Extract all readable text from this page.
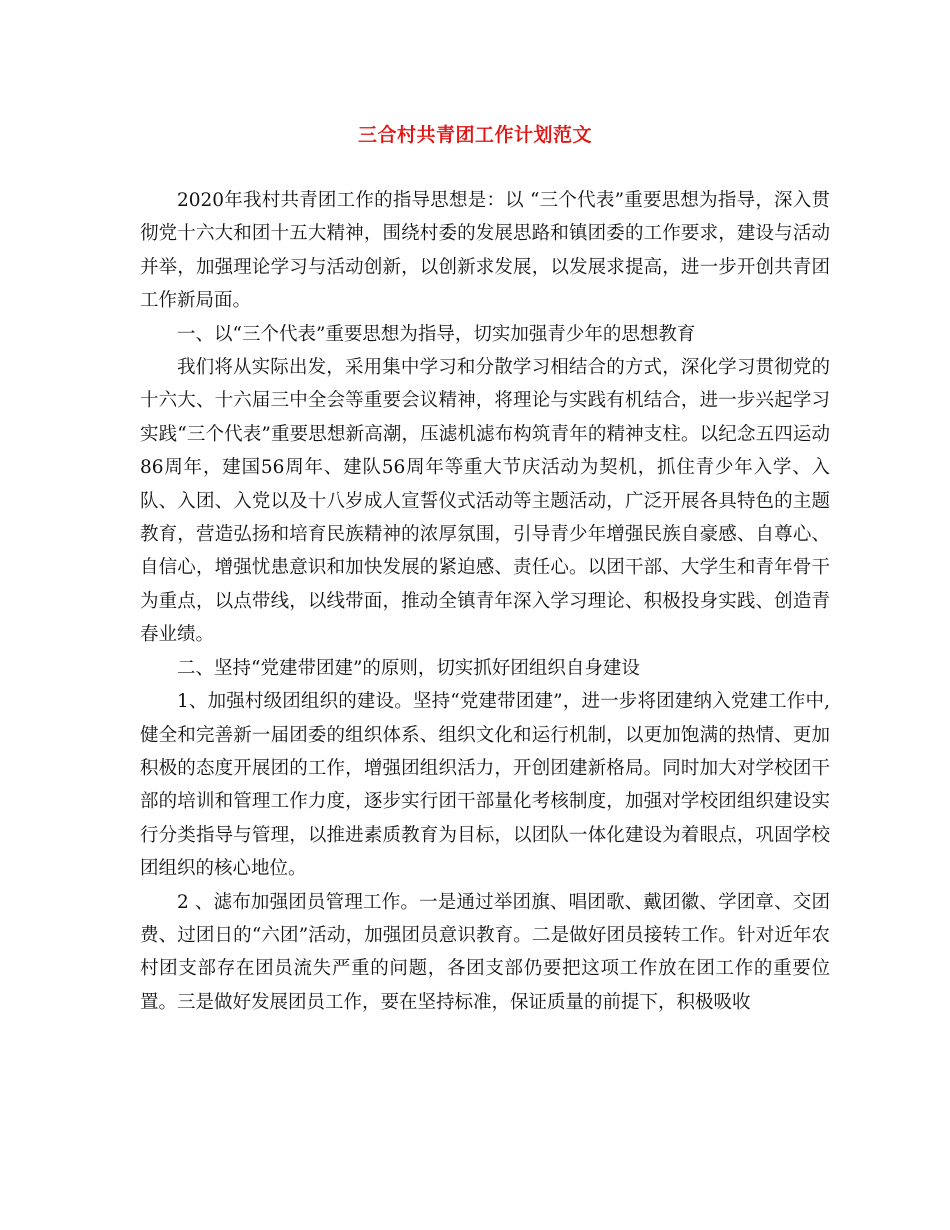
三合村共青团工作计划范文

2020年我村共青团工作的指导思想是：以 “三个代表”重要思想为指导，深入贯彻党十六大和团十五大精神，围绕村委的发展思路和镇团委的工作要求，建设与活动并举，加强理论学习与活动创新，以创新求发展，以发展求提高，进一步开创共青团工作新局面。

一、以“三个代表”重要思想为指导，切实加强青少年的思想教育

我们将从实际出发，采用集中学习和分散学习相结合的方式，深化学习贯彻党的十六大、十六届三中全会等重要会议精神，将理论与实践有机结合，进一步兴起学习实践“三个代表”重要思想新高潮，压滤机滤布构筑青年的精神支柱。以纪念五四运动86周年，建国56周年、建队56周年等重大节庆活动为契机，抓住青少年入学、入队、入团、入党以及十八岁成人宣誓仪式活动等主题活动，广泛开展各具特色的主题教育，营造弘扬和培育民族精神的浓厚氛围，引导青少年增强民族自豪感、自尊心、自信心，增强忧患意识和加快发展的紧迫感、责任心。以团干部、大学生和青年骨干为重点，以点带线，以线带面，推动全镇青年深入学习理论、积极投身实践、创造青春业绩。

二、坚持“党建带团建”的原则，切实抓好团组织自身建设

1、加强村级团组织的建设。坚持“党建带团建”，进一步将团建纳入党建工作中,健全和完善新一届团委的组织体系、组织文化和运行机制，以更加饱满的热情、更加积极的态度开展团的工作，增强团组织活力，开创团建新格局。同时加大对学校团干部的培训和管理工作力度，逐步实行团干部量化考核制度，加强对学校团组织建设实行分类指导与管理，以推进素质教育为目标，以团队一体化建设为着眼点，巩固学校团组织的核心地位。

2 、滤布加强团员管理工作。一是通过举团旗、唱团歌、戴团徽、学团章、交团费、过团日的“六团”活动，加强团员意识教育。二是做好团员接转工作。针对近年农村团支部存在团员流失严重的问题，各团支部仍要把这项工作放在团工作的重要位置。三是做好发展团员工作，要在坚持标准，保证质量的前提下，积极吸收
